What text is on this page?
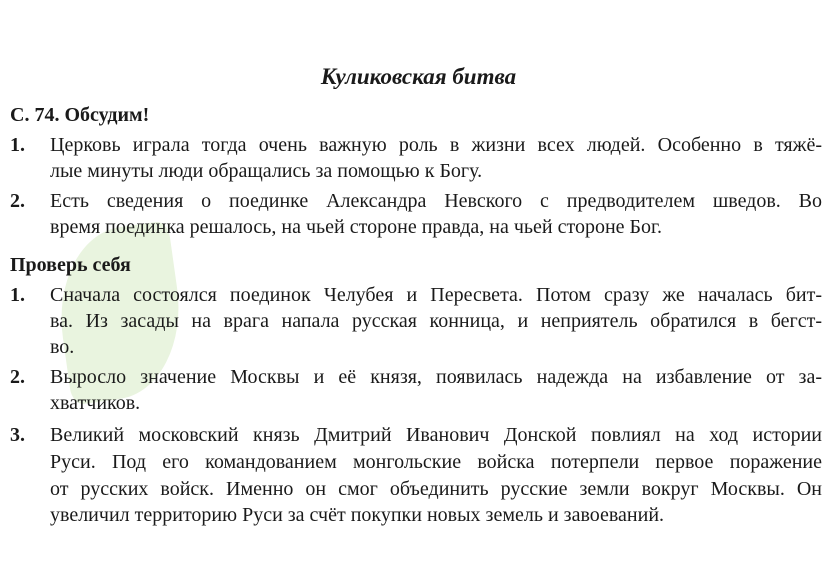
Куликовская битва
С. 74. Обсудим!
1. Церковь играла тогда очень важную роль в жизни всех людей. Особенно в тяжё-
лые минуты люди обращались за помощью к Богу.
2. Есть сведения о поединке Александра Невского с предводителем шведов. Во
время поединка решалось, на чьей стороне правда, на чьей стороне Бог.
Проверь себя
1. Сначала состоялся поединок Челубея и Пересвета. Потом сразу же началась бит-
ва. Из засады на врага напала русская конница, и неприятель обратился в бегст-
во.
2. Выросло значение Москвы и её князя, появилась надежда на избавление от за-
хватчиков.
3. Великий московский князь Дмитрий Иванович Донской повлиял на ход истории
Руси. Под его командованием монгольские войска потерпели первое поражение
от русских войск. Именно он смог объединить русские земли вокруг Москвы. Он
увеличил территорию Руси за счёт покупки новых земель и завоеваний.
